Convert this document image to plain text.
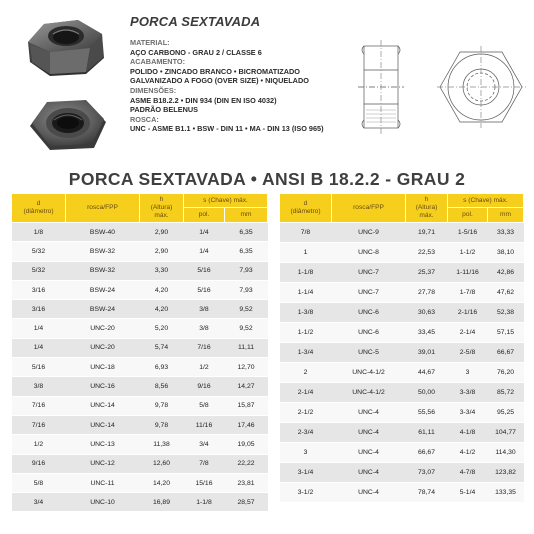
PORCA SEXTAVADA
MATERIAL:
AÇO CARBONO - GRAU 2 / CLASSE 6
ACABAMENTO:
POLIDO • ZINCADO BRANCO • BICROMATIZADO
GALVANIZADO A FOGO (OVER SIZE) • NIQUELADO
DIMENSÕES:
ASME B18.2.2 • DIN 934 (DIN EN ISO 4032)
PADRÃO BELENUS
ROSCA:
UNC - ASME B1.1 • BSW - DIN 11 • MA - DIN 13 (ISO 965)
PORCA SEXTAVADA • ANSI B 18.2.2 - GRAU 2
d
(diâmetro)	rosca/FPP	h
(Altura)
máx.	s (Chave) máx.	
			pol.	mm
1/8	BSW-40	2,90	1/4	6,35
5/32	BSW-32	2,90	1/4	6,35
5/32	BSW-32	3,30	5/16	7,93
3/16	BSW-24	4,20	5/16	7,93
3/16	BSW-24	4,20	3/8	9,52
1/4	UNC-20	5,20	3/8	9,52
1/4	UNC-20	5,74	7/16	11,11
5/16	UNC-18	6,93	1/2	12,70
3/8	UNC-16	8,56	9/16	14,27
7/16	UNC-14	9,78	5/8	15,87
7/16	UNC-14	9,78	11/16	17,46
1/2	UNC-13	11,38	3/4	19,05
9/16	UNC-12	12,60	7/8	22,22
5/8	UNC-11	14,20	15/16	23,81
3/4	UNC-10	16,89	1-1/8	28,57
d
(diâmetro)	rosca/FPP	h
(Altura)
máx.	s (Chave) máx.	
			pol.	mm
7/8	UNC-9	19,71	1-5/16	33,33
1	UNC-8	22,53	1-1/2	38,10
1-1/8	UNC-7	25,37	1-11/16	42,86
1-1/4	UNC-7	27,78	1-7/8	47,62
1-3/8	UNC-6	30,63	2-1/16	52,38
1-1/2	UNC-6	33,45	2-1/4	57,15
1-3/4	UNC-5	39,01	2-5/8	66,67
2	UNC-4-1/2	44,67	3	76,20
2-1/4	UNC-4-1/2	50,00	3-3/8	85,72
2-1/2	UNC-4	55,56	3-3/4	95,25
2-3/4	UNC-4	61,11	4-1/8	104,77
3	UNC-4	66,67	4-1/2	114,30
3-1/4	UNC-4	73,07	4-7/8	123,82
3-1/2	UNC-4	78,74	5-1/4	133,35
